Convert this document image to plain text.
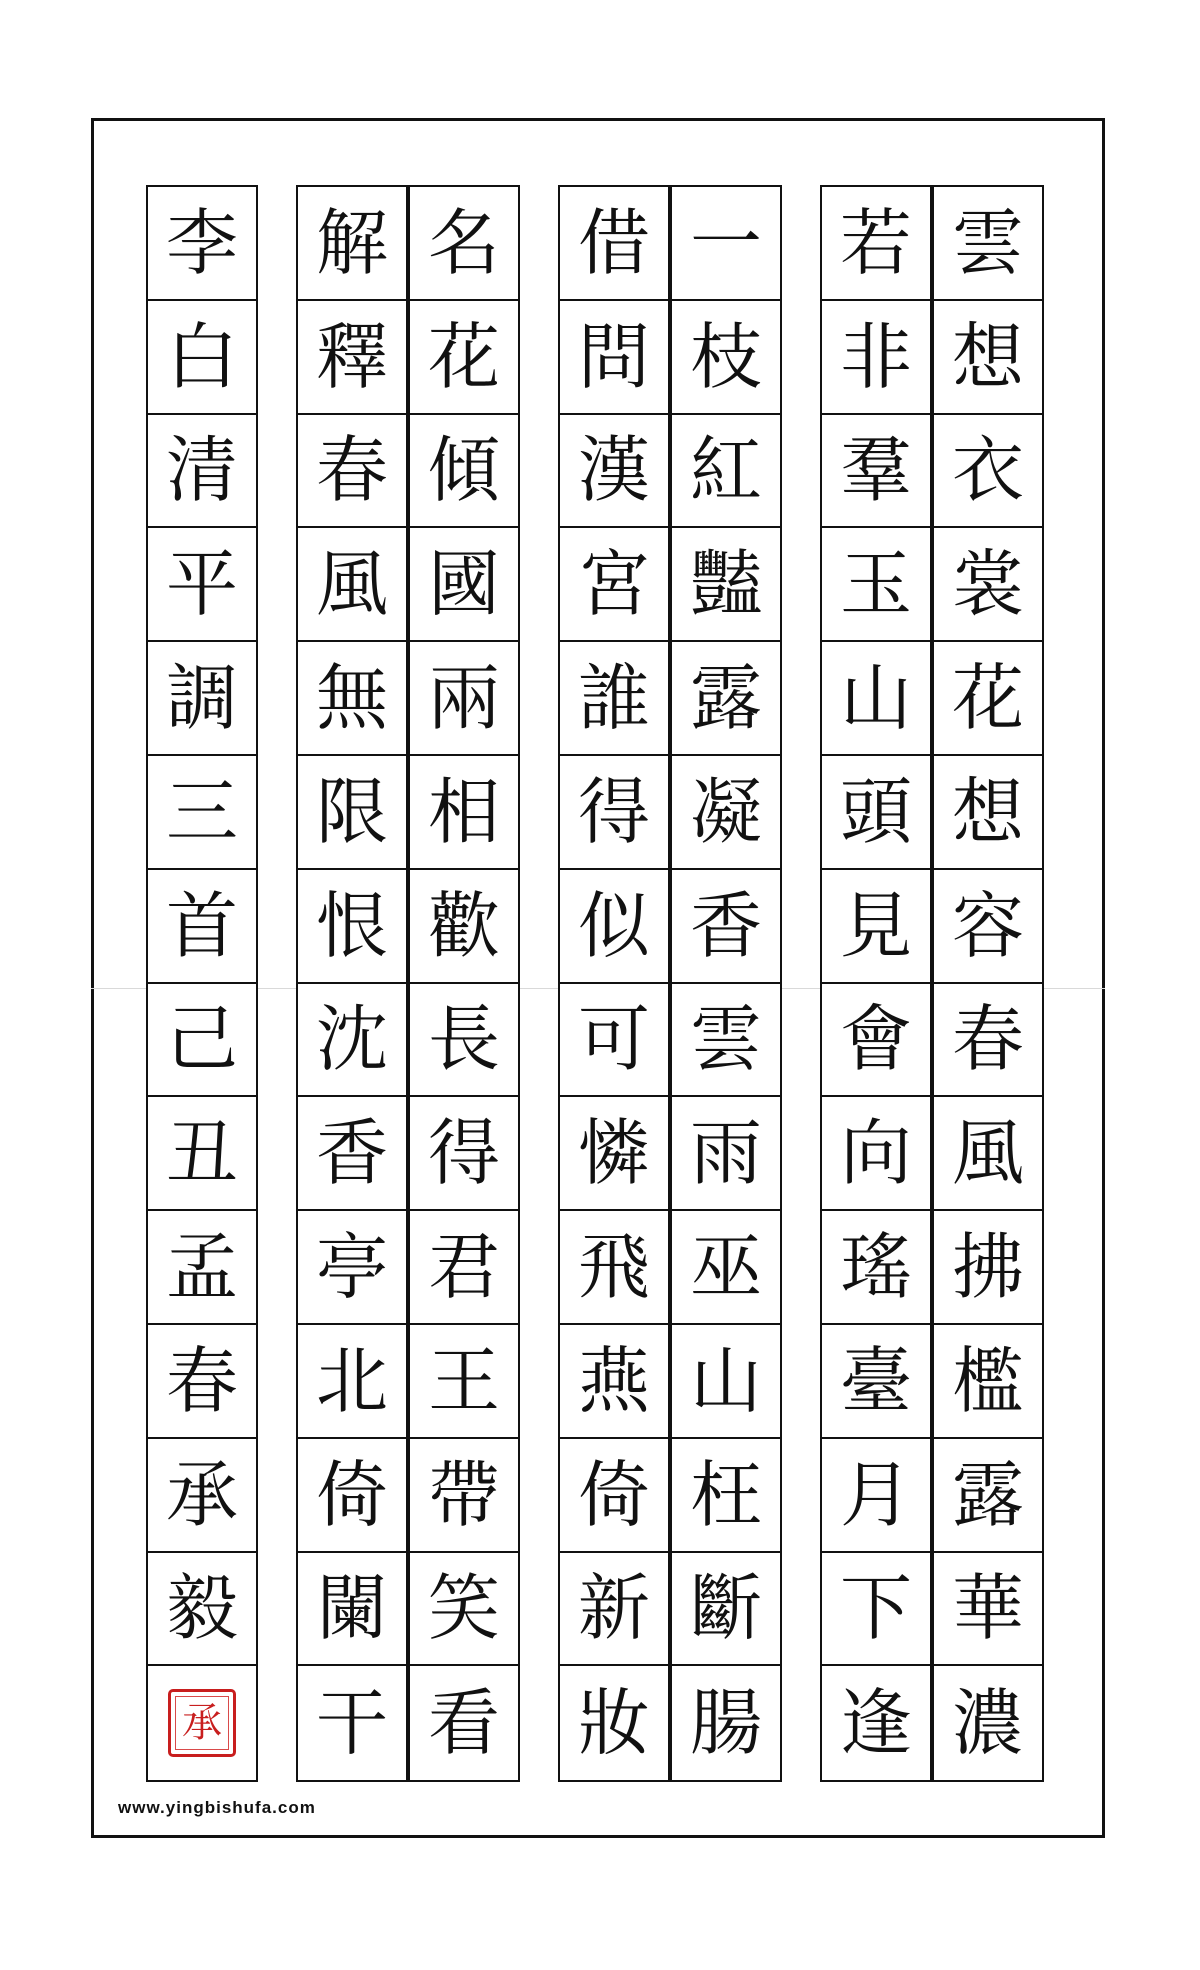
雲
想
衣
裳
花
想
容
春
風
拂
檻
露
華
濃
若
非
羣
玉
山
頭
見
會
向
瑤
臺
月
下
逢
一
枝
紅
豔
露
凝
香
雲
雨
巫
山
枉
斷
腸
借
問
漢
宮
誰
得
似
可
憐
飛
燕
倚
新
妝
名
花
傾
國
兩
相
歡
長
得
君
王
帶
笑
看
解
釋
春
風
無
限
恨
沈
香
亭
北
倚
闌
干
李
白
清
平
調
三
首
己
丑
孟
春
承
毅
承
www.yingbishufa.com
